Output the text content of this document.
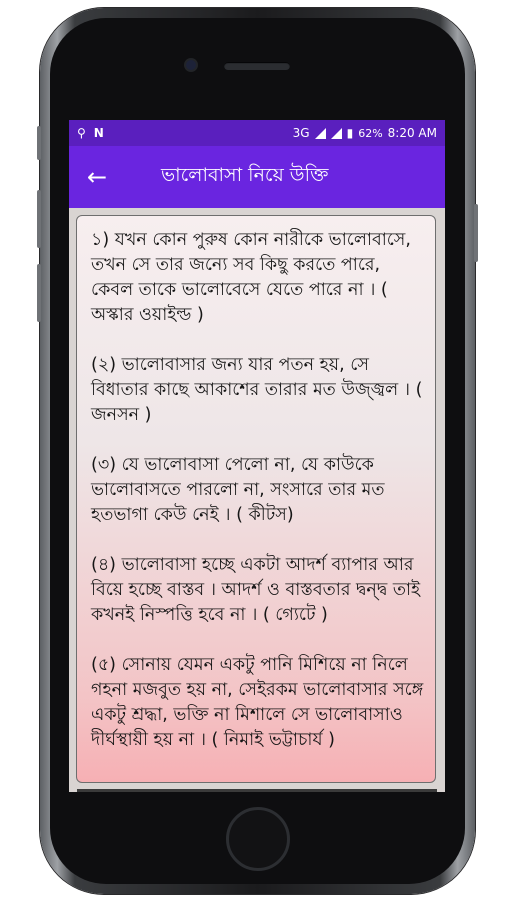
⚲ N	3G	▮ 62% 8:20 AM
←	ভালোবাসা নিয়ে উক্তি

১) যখন কোন পুরুষ কোন নারীকে ভালোবাসে, তখন সে তার জন্যে সব কিছু করতে পারে, কেবল তাকে ভালোবেসে যেতে পারে না । ( অস্কার ওয়াইল্ড )

(২) ভালোবাসার জন্য যার পতন হয়, সে বিধাতার কাছে আকাশের তারার মত উজ্জ্বল । ( জনসন )

(৩) যে ভালোবাসা পেলো না, যে কাউকে ভালোবাসতে পারলো না, সংসারে তার মত হতভাগা কেউ নেই । ( কীটস)

(৪) ভালোবাসা হচ্ছে একটা আদর্শ ব্যাপার আর বিয়ে হচ্ছে বাস্তব । আদর্শ ও বাস্তবতার দ্বন্দ্ব তাই কখনই নিস্পত্তি হবে না । ( গ্যেটে )

(৫) সোনায় যেমন একটু পানি মিশিয়ে না নিলে গহনা মজবুত হয় না, সেইরকম ভালোবাসার সঙ্গে একটু শ্রদ্ধা, ভক্তি না মিশালে সে ভালোবাসাও দীর্ঘস্থায়ী হয় না । ( নিমাই ভট্টাচার্য )
